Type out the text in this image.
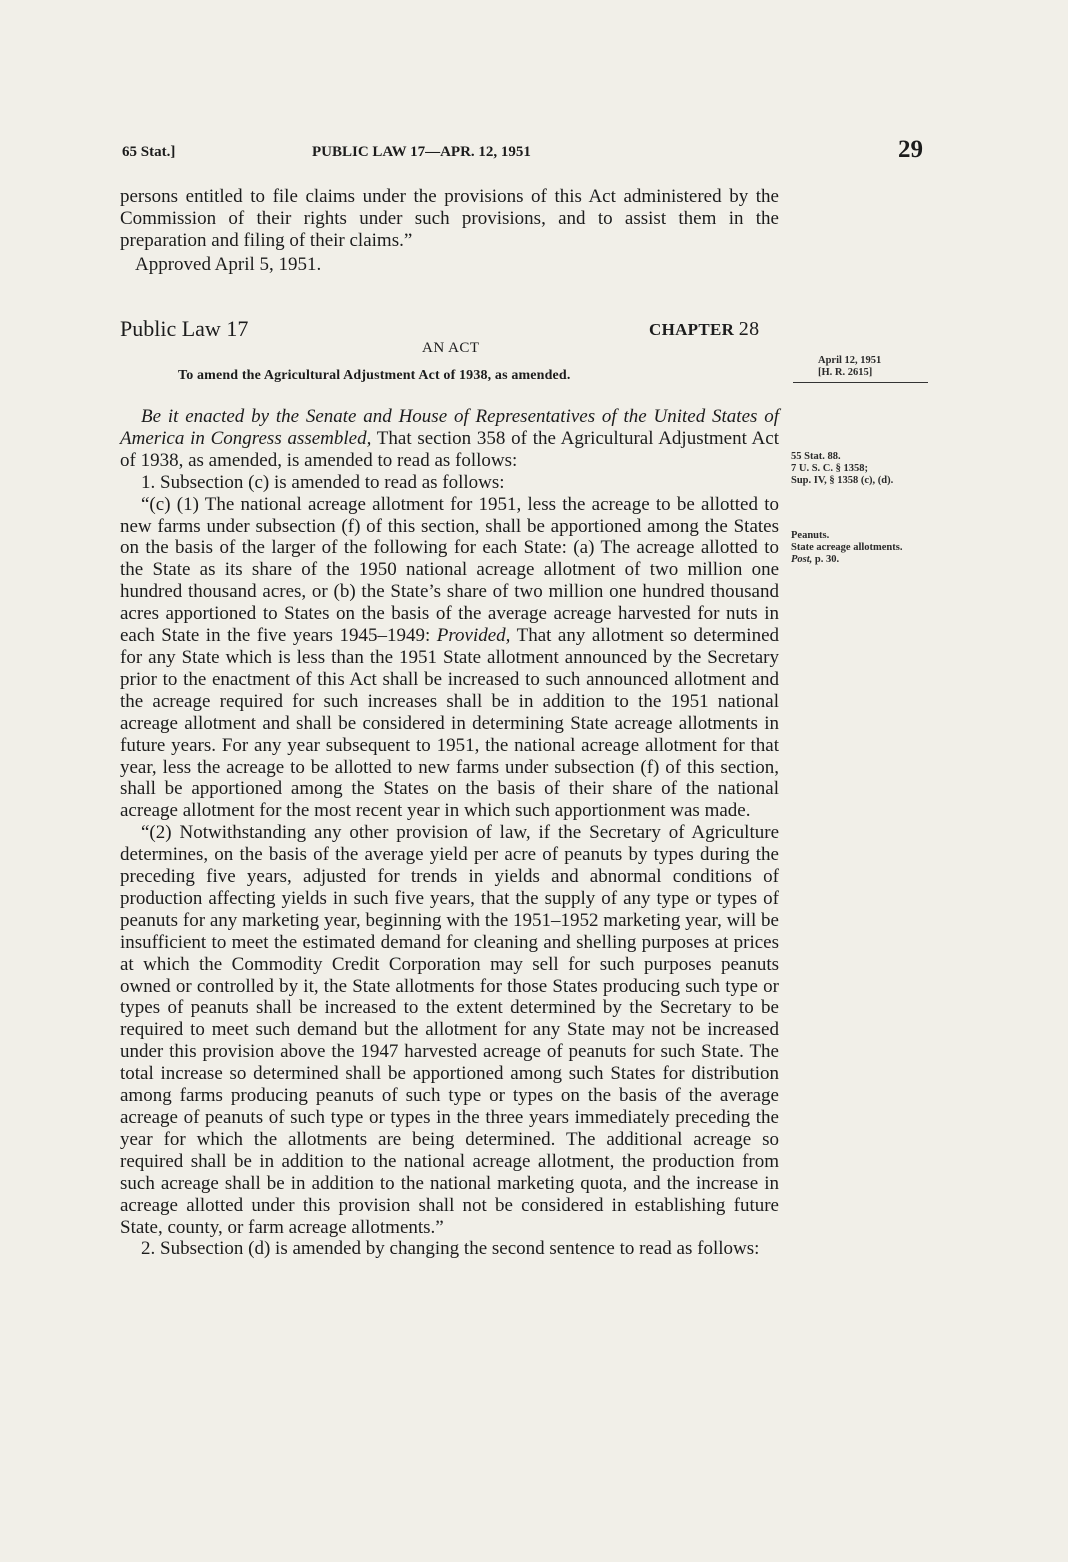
65 Stat.]	PUBLIC LAW 17—APR. 12, 1951	29

persons entitled to file claims under the provisions of this Act administered by the Commission of their rights under such provisions, and to assist them in the preparation and filing of their claims.”

Approved April 5, 1951.
Public Law 17	CHAPTER 28
AN ACT
To amend the Agricultural Adjustment Act of 1938, as amended.

Be it enacted by the Senate and House of Representatives of the United States of America in Congress assembled, That section 358 of the Agricultural Adjustment Act of 1938, as amended, is amended to read as follows:

1. Subsection (c) is amended to read as follows:

“(c) (1) The national acreage allotment for 1951, less the acreage to be allotted to new farms under subsection (f) of this section, shall be apportioned among the States on the basis of the larger of the following for each State: (a) The acreage allotted to the State as its share of the 1950 national acreage allotment of two million one hundred thousand acres, or (b) the State’s share of two million one hundred thousand acres apportioned to States on the basis of the average acreage harvested for nuts in each State in the five years 1945–1949: Provided, That any allotment so determined for any State which is less than the 1951 State allotment announced by the Secretary prior to the enactment of this Act shall be increased to such announced allotment and the acreage required for such increases shall be in addition to the 1951 national acreage allotment and shall be considered in determining State acreage allotments in future years. For any year subsequent to 1951, the national acreage allotment for that year, less the acreage to be allotted to new farms under subsection (f) of this section, shall be apportioned among the States on the basis of their share of the national acreage allotment for the most recent year in which such apportionment was made.

“(2) Notwithstanding any other provision of law, if the Secretary of Agriculture determines, on the basis of the average yield per acre of peanuts by types during the preceding five years, adjusted for trends in yields and abnormal conditions of production affecting yields in such five years, that the supply of any type or types of peanuts for any marketing year, beginning with the 1951–1952 marketing year, will be insufficient to meet the estimated demand for cleaning and shelling purposes at prices at which the Commodity Credit Corporation may sell for such purposes peanuts owned or controlled by it, the State allotments for those States producing such type or types of peanuts shall be increased to the extent determined by the Secretary to be required to meet such demand but the allotment for any State may not be increased under this provision above the 1947 harvested acreage of peanuts for such State. The total increase so determined shall be apportioned among such States for distribution among farms producing peanuts of such type or types on the basis of the average acreage of peanuts of such type or types in the three years immediately preceding the year for which the allotments are being determined. The additional acreage so required shall be in addition to the national acreage allotment, the production from such acreage shall be in addition to the national marketing quota, and the increase in acreage allotted under this provision shall not be considered in establishing future State, county, or farm acreage allotments.”

2. Subsection (d) is amended by changing the second sentence to read as follows:

April 12, 1951
[H. R. 2615]
55 Stat. 88.
7 U. S. C. § 1358;
Sup. IV, § 1358 (c), (d).
Peanuts.
State acreage allotments.
Post, p. 30.
